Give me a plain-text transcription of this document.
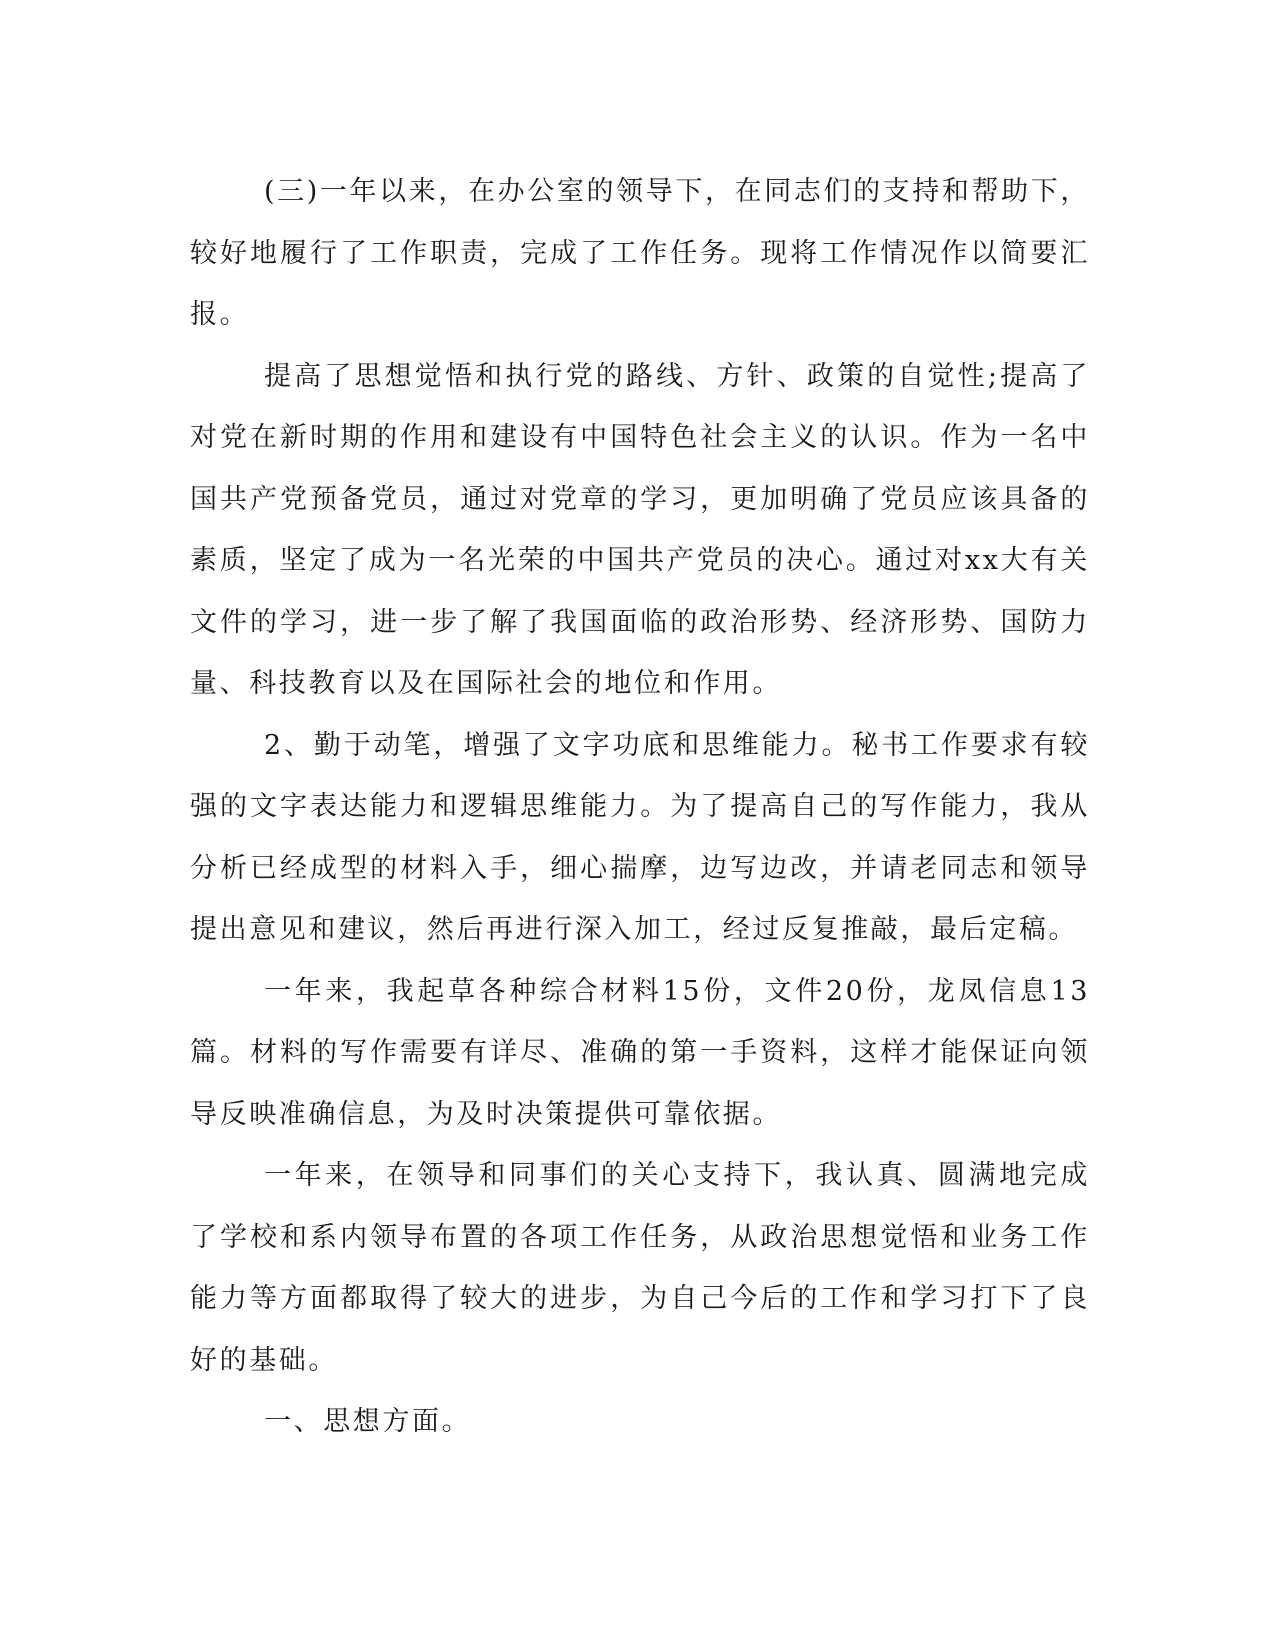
(三)一年以来，在办公室的领导下，在同志们的支持和帮助下，较好地履行了工作职责，完成了工作任务。现将工作情况作以简要汇报。

提高了思想觉悟和执行党的路线、方针、政策的自觉性;提高了对党在新时期的作用和建设有中国特色社会主义的认识。作为一名中国共产党预备党员，通过对党章的学习，更加明确了党员应该具备的素质，坚定了成为一名光荣的中国共产党员的决心。通过对xx大有关文件的学习，进一步了解了我国面临的政治形势、经济形势、国防力量、科技教育以及在国际社会的地位和作用。

2、勤于动笔，增强了文字功底和思维能力。秘书工作要求有较强的文字表达能力和逻辑思维能力。为了提高自己的写作能力，我从分析已经成型的材料入手，细心揣摩，边写边改，并请老同志和领导提出意见和建议，然后再进行深入加工，经过反复推敲，最后定稿。

一年来，我起草各种综合材料15份，文件20份，龙凤信息13篇。材料的写作需要有详尽、准确的第一手资料，这样才能保证向领导反映准确信息，为及时决策提供可靠依据。

一年来，在领导和同事们的关心支持下，我认真、圆满地完成了学校和系内领导布置的各项工作任务，从政治思想觉悟和业务工作能力等方面都取得了较大的进步，为自己今后的工作和学习打下了良好的基础。

一、思想方面。
